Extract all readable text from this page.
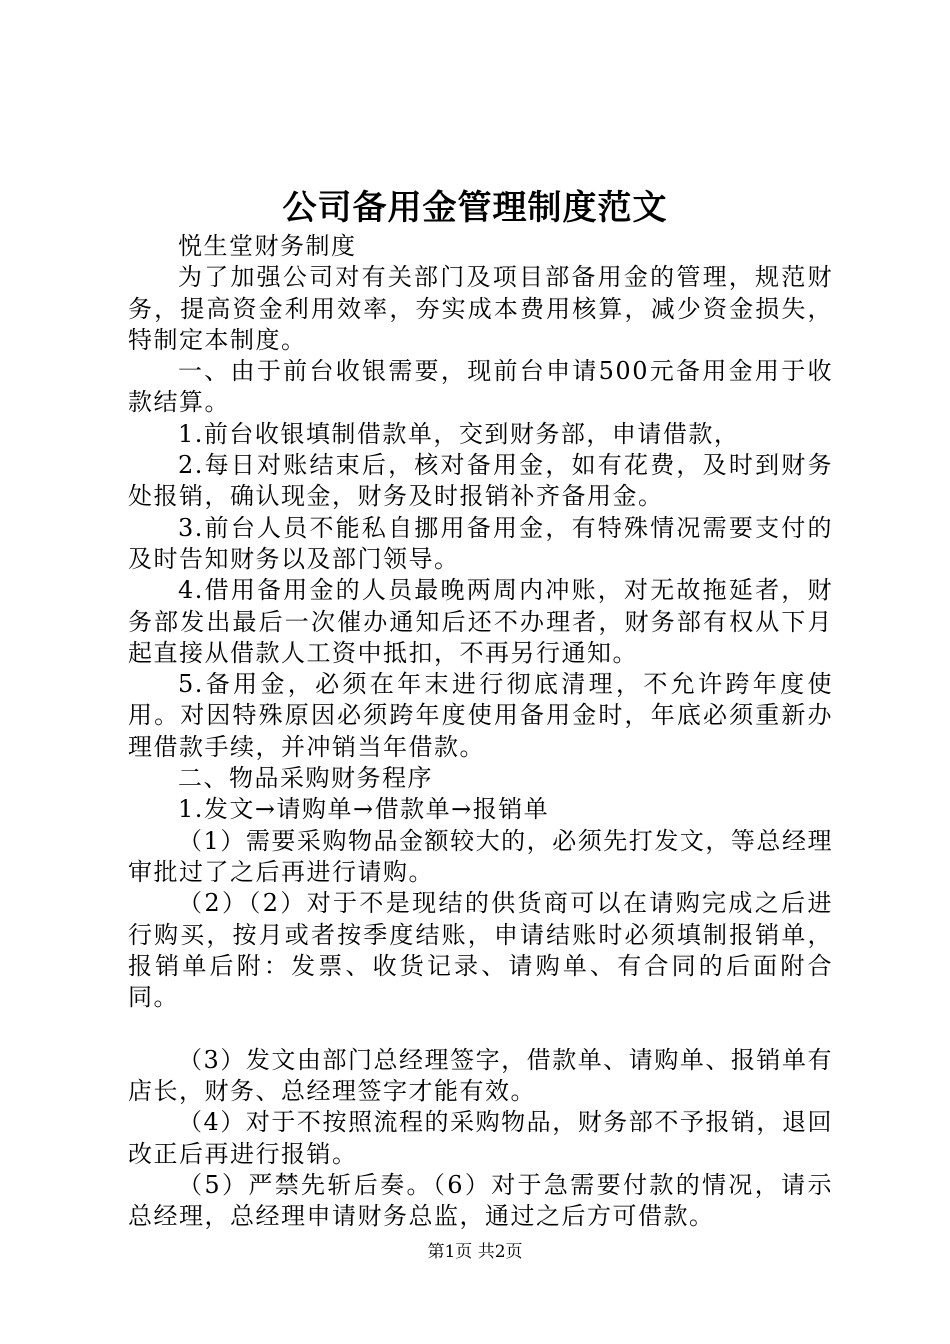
公司备用金管理制度范文

悦生堂财务制度

为了加强公司对有关部门及项目部备用金的管理，规范财务，提高资金利用效率，夯实成本费用核算，减少资金损失，特制定本制度。

一、由于前台收银需要，现前台申请500元备用金用于收款结算。

1.前台收银填制借款单，交到财务部，申请借款，

2.每日对账结束后，核对备用金，如有花费，及时到财务处报销，确认现金，财务及时报销补齐备用金。

3.前台人员不能私自挪用备用金，有特殊情况需要支付的及时告知财务以及部门领导。

4.借用备用金的人员最晚两周内冲账，对无故拖延者，财务部发出最后一次催办通知后还不办理者，财务部有权从下月起直接从借款人工资中抵扣，不再另行通知。

5.备用金，必须在年末进行彻底清理，不允许跨年度使用。对因特殊原因必须跨年度使用备用金时，年底必须重新办理借款手续，并冲销当年借款。

二、物品采购财务程序

1.发文→请购单→借款单→报销单

（1）需要采购物品金额较大的，必须先打发文，等总经理审批过了之后再进行请购。

（2）（2）对于不是现结的供货商可以在请购完成之后进行购买，按月或者按季度结账，申请结账时必须填制报销单，报销单后附：发票、收货记录、请购单、有合同的后面附合同。

（3）发文由部门总经理签字，借款单、请购单、报销单有店长，财务、总经理签字才能有效。

（4）对于不按照流程的采购物品，财务部不予报销，退回改正后再进行报销。

（5）严禁先斩后奏。（6）对于急需要付款的情况，请示总经理，总经理申请财务总监，通过之后方可借款。

第1页 共2页
